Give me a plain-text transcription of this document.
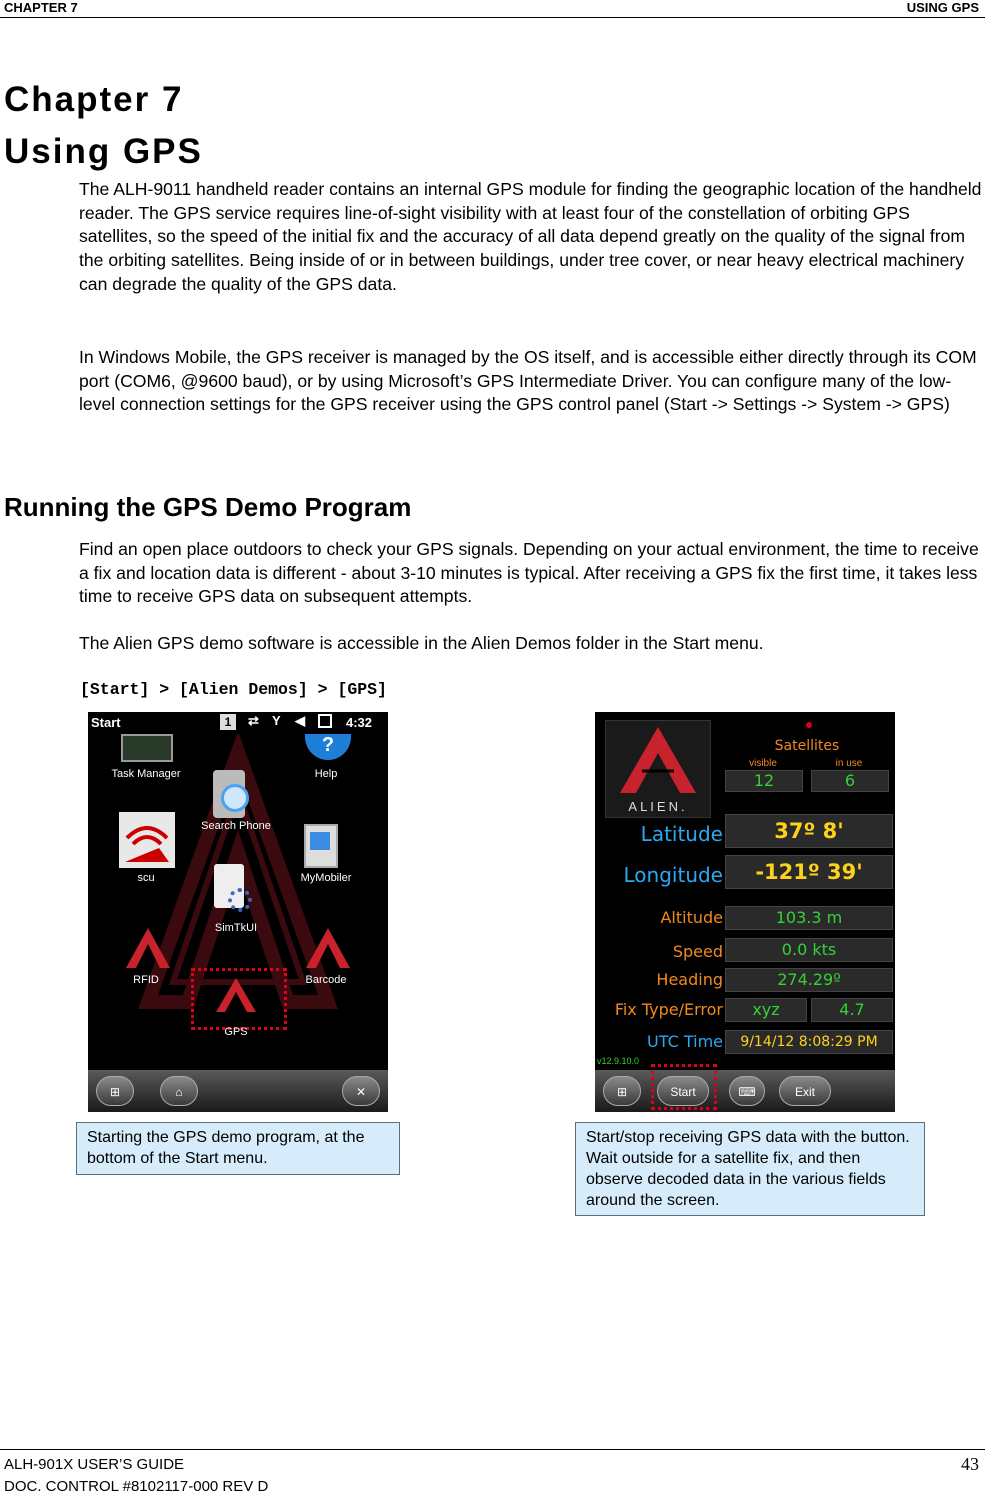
CHAPTER 7	USING GPS
Chapter 7
Using GPS
The ALH-9011 handheld reader contains an internal GPS module for finding the geographic location of the handheld reader. The GPS service requires line-of-sight visibility with at least four of the constellation of orbiting GPS satellites, so the speed of the initial fix and the accuracy of all data depend greatly on the quality of the signal from the orbiting satellites. Being inside of or in between buildings, under tree cover, or near heavy electrical machinery can degrade the quality of the GPS data.
In Windows Mobile, the GPS receiver is managed by the OS itself, and is accessible either directly through its COM port (COM6, @9600 baud), or by using Microsoft’s GPS Intermediate Driver. You can configure many of the low-level connection settings for the GPS receiver using the GPS control panel (Start -> Settings -> System -> GPS)
Running the GPS Demo Program
Find an open place outdoors to check your GPS signals. Depending on your actual environment, the time to receive a fix and location data is different - about 3-10 minutes is typical. After receiving a GPS fix the first time, it takes less time to receive GPS data on subsequent attempts.
The Alien GPS demo software is accessible in the Alien Demos folder in the Start menu.
[Start] > [Alien Demos] > [GPS]
Start	1	⇄ Y ◀	4:32
Task Manager
?
Help
Search Phone
scu	MyMobiler
SimTkUI
RFID	Barcode
GPS
⊞	⌂	✕
ALIEN.
Satellites
visible	in use
12	6
Latitude	37º 8'
Longitude	-121º 39'
Altitude	103.3 m
Speed	0.0 kts
Heading	274.29º
Fix Type/Error	xyz	4.7
UTC Time	9/14/12 8:08:29 PM
v12.9.10.0
⊞	Start	⌨	Exit
Starting the GPS demo program, at the bottom of the Start menu.
Start/stop receiving GPS data with the button. Wait outside for a satellite fix, and then observe decoded data in the various fields around the screen.
ALH-901X USER’S GUIDE
DOC. CONTROL #8102117-000 REV D
43
